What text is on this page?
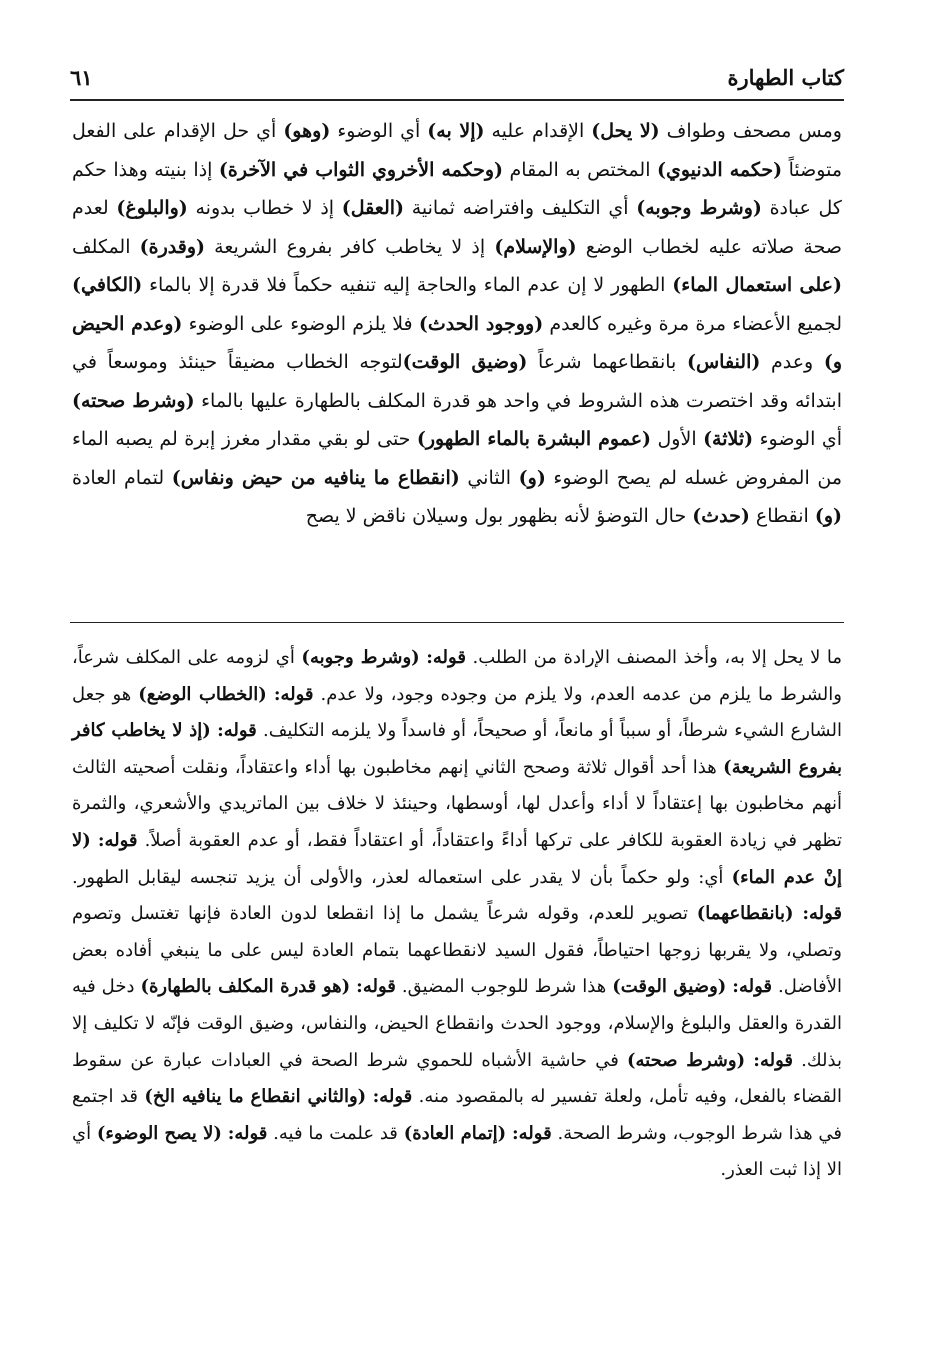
كتاب الطهارة
٦١

ومس مصحف وطواف (لا يحل) الإقدام عليه (إلا به) أي الوضوء (وهو) أي حل الإقدام على الفعل متوضئاً (حكمه الدنيوي) المختص به المقام (وحكمه الأخروي الثواب في الآخرة) إذا بنيته وهذا حكم كل عبادة (وشرط وجوبه) أي التكليف وافتراضه ثمانية (العقل) إذ لا خطاب بدونه (والبلوغ) لعدم صحة صلاته عليه لخطاب الوضع (والإسلام) إذ لا يخاطب كافر بفروع الشريعة (وقدرة) المكلف (على استعمال الماء) الطهور لا إن عدم الماء والحاجة إليه تنفيه حكماً فلا قدرة إلا بالماء (الكافي) لجميع الأعضاء مرة مرة وغيره كالعدم (ووجود الحدث) فلا يلزم الوضوء على الوضوء (وعدم الحيض و) وعدم (النفاس) بانقطاعهما شرعاً (وضيق الوقت)لتوجه الخطاب مضيقاً حينئذ وموسعاً في ابتدائه وقد اختصرت هذه الشروط في واحد هو قدرة المكلف بالطهارة عليها بالماء (وشرط صحته) أي الوضوء (ثلاثة) الأول (عموم البشرة بالماء الطهور) حتى لو بقي مقدار مغرز إبرة لم يصبه الماء من المفروض غسله لم يصح الوضوء (و) الثاني (انقطاع ما ينافيه من حيض ونفاس) لتمام العادة (و) انقطاع (حدث) حال التوضؤ لأنه بظهور بول وسيلان ناقض لا يصح

ما لا يحل إلا به، وأخذ المصنف الإرادة من الطلب. قوله: (وشرط وجوبه) أي لزومه على المكلف شرعاً، والشرط ما يلزم من عدمه العدم، ولا يلزم من وجوده وجود، ولا عدم. قوله: (الخطاب الوضع) هو جعل الشارع الشيء شرطاً، أو سبباً أو مانعاً، أو صحيحاً، أو فاسداً ولا يلزمه التكليف. قوله: (إذ لا يخاطب كافر بفروع الشريعة) هذا أحد أقوال ثلاثة وصحح الثاني إنهم مخاطبون بها أداء واعتقاداً، ونقلت أصحيته الثالث أنهم مخاطبون بها إعتقاداً لا أداء وأعدل لها، أوسطها، وحينئذ لا خلاف بين الماتريدي والأشعري، والثمرة تظهر في زيادة العقوبة للكافر على تركها أداءً واعتقاداً، أو اعتقاداً فقط، أو عدم العقوبة أصلاً. قوله: (لا إنْ عدم الماء) أي: ولو حكماً بأن لا يقدر على استعماله لعذر، والأولى أن يزيد تنجسه ليقابل الطهور. قوله: (بانقطاعهما) تصوير للعدم، وقوله شرعاً يشمل ما إذا انقطعا لدون العادة فإنها تغتسل وتصوم وتصلي، ولا يقربها زوجها احتياطاً، فقول السيد لانقطاعهما بتمام العادة ليس على ما ينبغي أفاده بعض الأفاضل. قوله: (وضيق الوقت) هذا شرط للوجوب المضيق. قوله: (هو قدرة المكلف بالطهارة) دخل فيه القدرة والعقل والبلوغ والإسلام، ووجود الحدث وانقطاع الحيض، والنفاس، وضيق الوقت فإنّه لا تكليف إلا بذلك. قوله: (وشرط صحته) في حاشية الأشباه للحموي شرط الصحة في العبادات عبارة عن سقوط القضاء بالفعل، وفيه تأمل، ولعلة تفسير له بالمقصود منه. قوله: (والثاني انقطاع ما ينافيه الخ) قد اجتمع في هذا شرط الوجوب، وشرط الصحة. قوله: (إتمام العادة) قد علمت ما فيه. قوله: (لا يصح الوضوء) أي الا إذا ثبت العذر.
